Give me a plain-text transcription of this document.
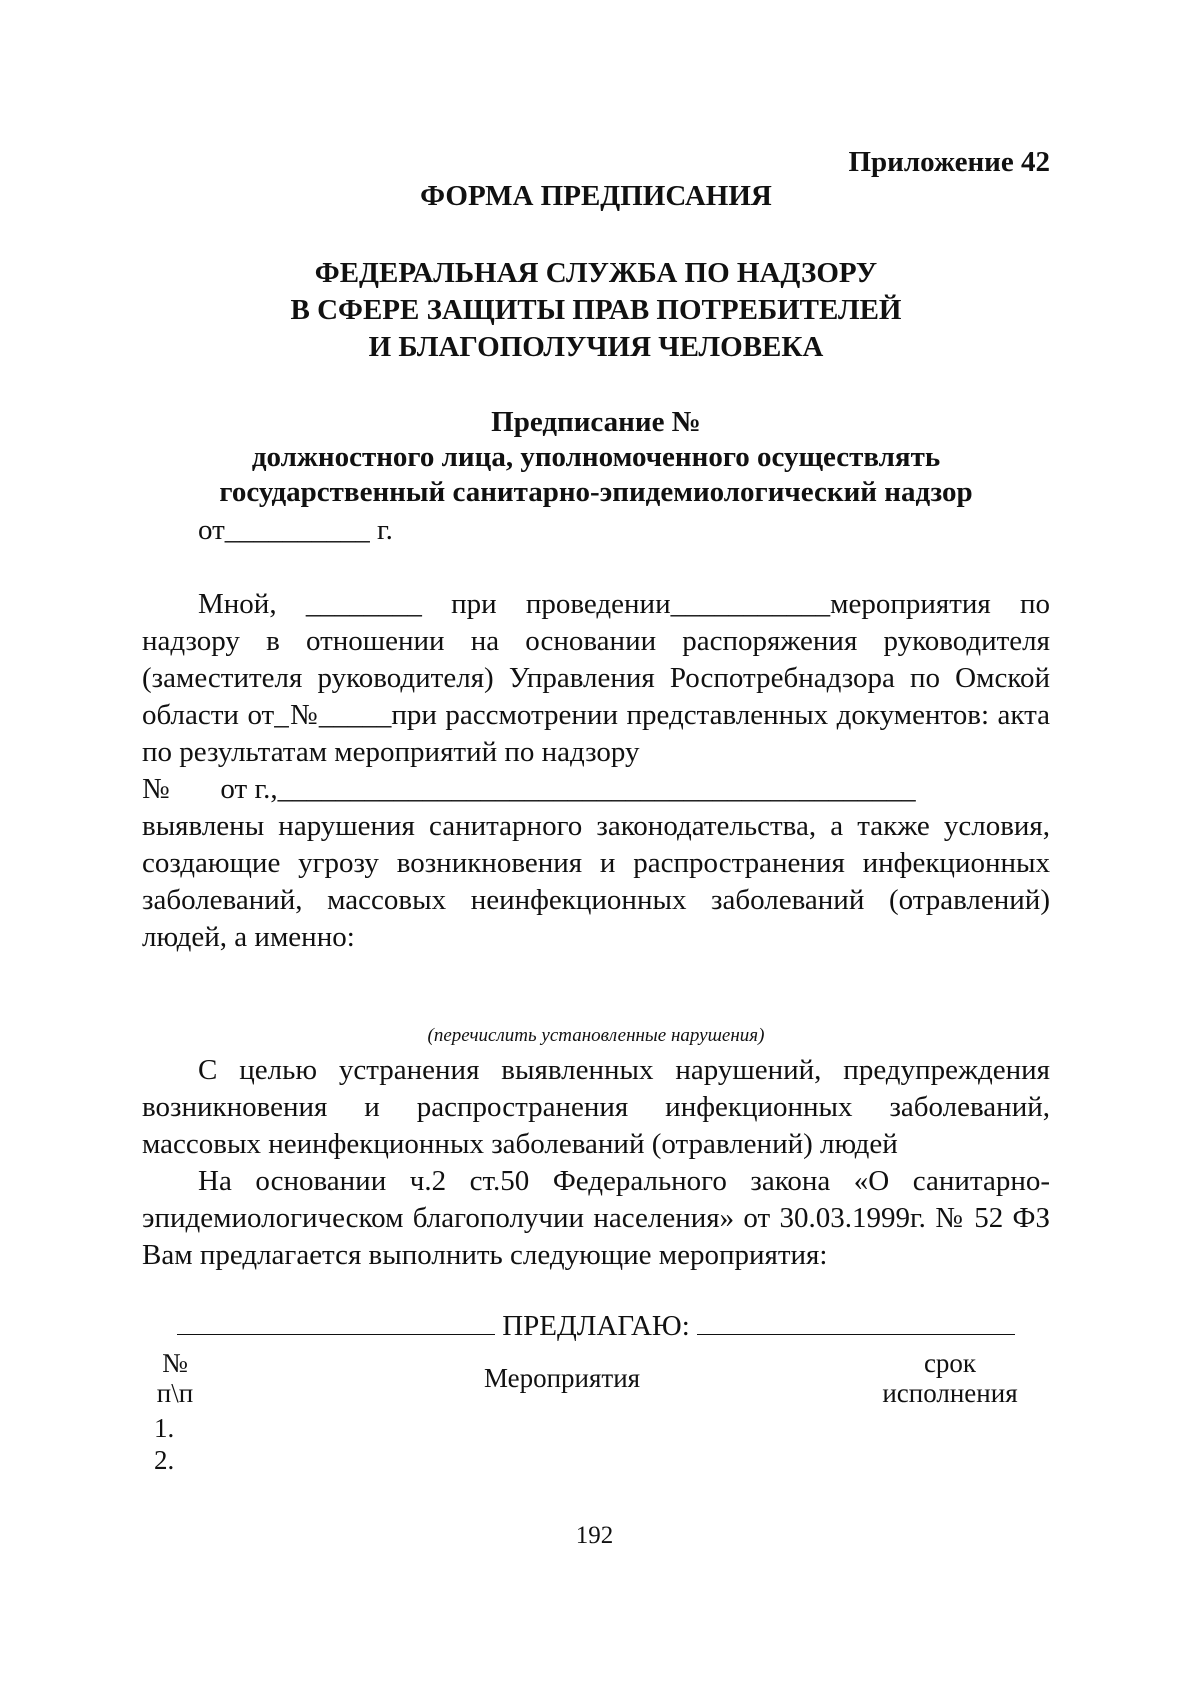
Приложение 42
ФОРМА ПРЕДПИСАНИЯ
ФЕДЕРАЛЬНАЯ СЛУЖБА ПО НАДЗОРУ
В СФЕРЕ ЗАЩИТЫ ПРАВ ПОТРЕБИТЕЛЕЙ
И БЛАГОПОЛУЧИЯ ЧЕЛОВЕКА
Предписание №
должностного лица, уполномоченного осуществлять
государственный санитарно-эпидемиологический надзор
от__________ г.

Мной, ________ при проведении___________мероприятия по надзору в отношении на основании распоряжения руководителя (заместителя руководителя) Управления Роспотребнадзора по Омской области от_№_____при рассмотрении представленных документов: акта по результатам мероприятий по надзору

№       от г.,____________________________________________

выявлены нарушения санитарного законодательства, а также условия, создающие угрозу возникновения и распространения инфекционных заболеваний, массовых неинфекционных заболеваний (отравлений) людей, а именно:

(перечислить установленные нарушения)

С целью устранения выявленных нарушений, предупреждения возникновения и распространения инфекционных заболеваний, массовых неинфекционных заболеваний (отравлений) людей

На основании ч.2 ст.50 Федерального закона «О санитарно-эпидемиологическом благополучии населения» от 30.03.1999г. № 52 ФЗ Вам предлагается выполнить следующие мероприятия:

ПРЕДЛАГАЮ:
№
п\п	Мероприятия	срок
исполнения
1.
2.
192
